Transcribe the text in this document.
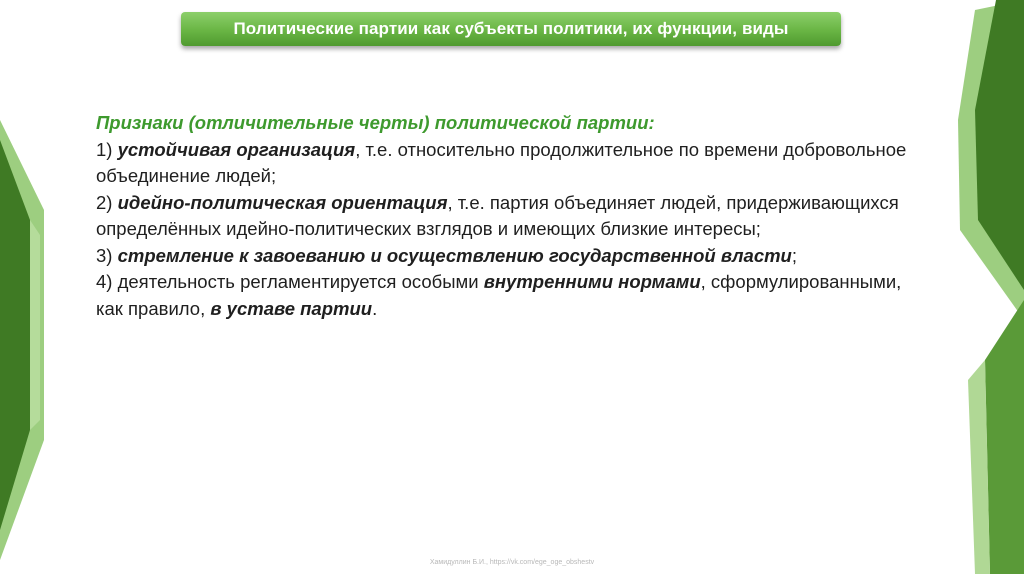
Политические партии как субъекты политики, их функции, виды

Признаки (отличительные черты) политической партии:

1) устойчивая организация, т.е. относительно продолжительное по времени добровольное объединение людей;

2) идейно-политическая ориентация, т.е. партия объединяет людей, придерживающихся определённых идейно-политических взглядов и имеющих близкие интересы;

3) стремление к завоеванию и осуществлению государственной власти;

4) деятельность регламентируется особыми внутренними нормами, сформулированными, как правило, в уставе партии.

Хамидуллин Б.И., https://vk.com/ege_oge_obshestv
